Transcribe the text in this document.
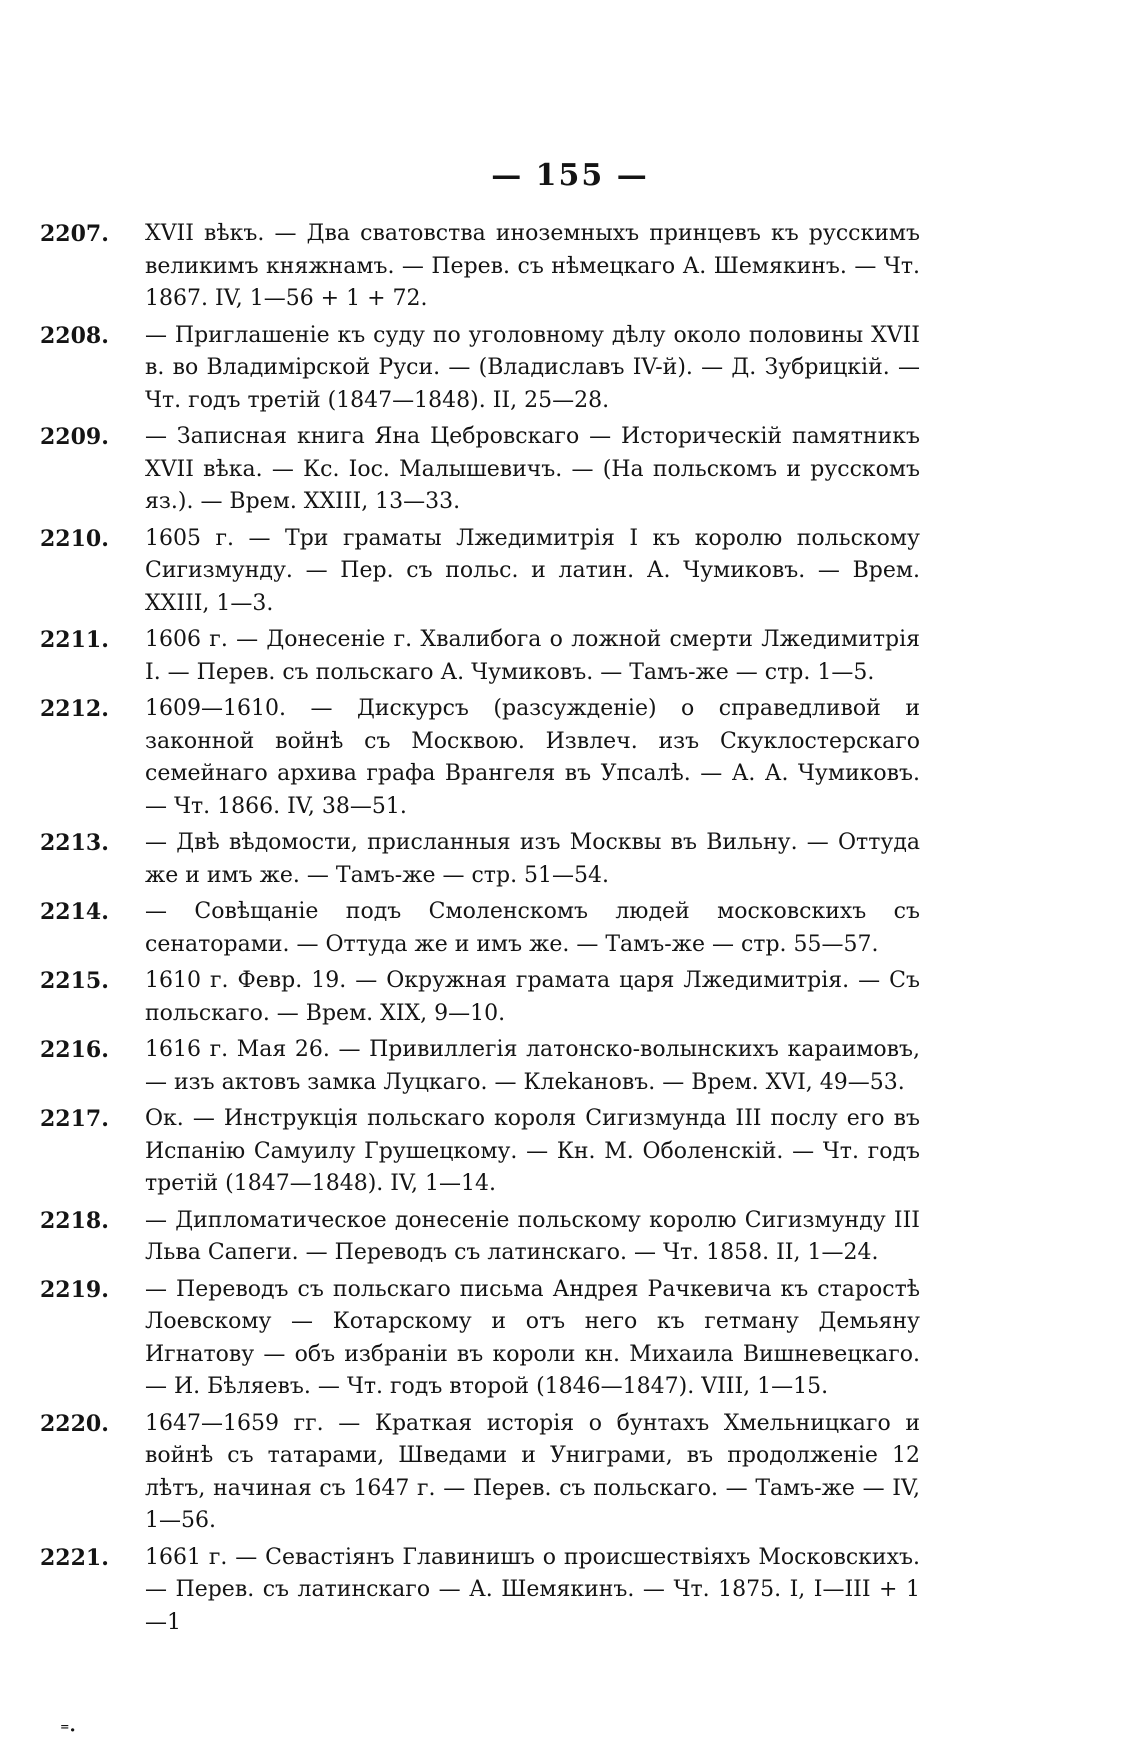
— 155 —
2207.	XVII вѣкъ. — Два сватовства иноземныхъ принцевъ къ русскимъ великимъ княжнамъ. — Перев. съ нѣмецкаго А. Шемякинъ. — Чт. 1867. IV, 1—56 + 1 + 72.
2208.	— Приглашеніе къ суду по уголовному дѣлу около половины XVII в. во Владимірской Руси. — (Владиславъ IV-й). — Д. Зубрицкій. — Чт. годъ третій (1847—1848). II, 25—28.
2209.	— Записная книга Яна Цебровскаго — Историческій памятникъ XVII вѣка. — Кс. Іос. Малышевичъ. — (На польскомъ и русскомъ яз.). — Врем. XXIII, 13—33.
2210.	1605 г. — Три граматы Лжедимитрія I къ королю польскому Сигизмунду. — Пер. съ польс. и латин. А. Чумиковъ. — Врем. XXIII, 1—3.
2211.	1606 г. — Донесеніе г. Хвалибога о ложной смерти Лжедимитрія I. — Перев. съ польскаго А. Чумиковъ. — Тамъ-же — стр. 1—5.
2212.	1609—1610. — Дискурсъ (разсужденіе) о справедливой и законной войнѣ съ Москвою. Извлеч. изъ Скуклостерскаго семейнаго архива графа Врангеля въ Упсалѣ. — А. А. Чумиковъ. — Чт. 1866. IV, 38—51.
2213.	— Двѣ вѣдомости, присланныя изъ Москвы въ Вильну. — Оттуда же и имъ же. — Тамъ-же — стр. 51—54.
2214.	— Совѣщаніе подъ Смоленскомъ людей московскихъ съ сенаторами. — Оттуда же и имъ же. — Тамъ-же — стр. 55—57.
2215.	1610 г. Февр. 19. — Окружная грамата царя Лжедимитрія. — Съ польскаго. — Врем. XIX, 9—10.
2216.	1616 г. Мая 26. — Привиллегія латонско-волынскихъ караимовъ, — изъ актовъ замка Луцкаго. — Клеkановъ. — Врем. XVI, 49—53.
2217.	Ок. — Инструкція польскаго короля Сигизмунда III послу его въ Испанію Самуилу Грушецкому. — Кн. М. Оболенскій. — Чт. годъ третій (1847—1848). IV, 1—14.
2218.	— Дипломатическое донесеніе польскому королю Сигизмунду III Льва Сапеги. — Переводъ съ латинскаго. — Чт. 1858. II, 1—24.
2219.	— Переводъ съ польскаго письма Андрея Рачкевича къ старостѣ Лоевскому — Котарскому и отъ него къ гетману Демьяну Игнатову — объ избраніи въ короли кн. Михаила Вишневецкаго. — И. Бѣляевъ. — Чт. годъ второй (1846—1847). VIII, 1—15.
2220.	1647—1659 гг. — Краткая исторія о бунтахъ Хмельницкаго и войнѣ съ татарами, Шведами и Униграми, въ продолженіе 12 лѣтъ, начиная съ 1647 г. — Перев. съ польскаго. — Тамъ-же — IV, 1—56.
2221.	1661 г. — Севастіянъ Главинишъ о происшествіяхъ Московскихъ. — Перев. съ латинскаго — А. Шемякинъ. — Чт. 1875. I, I—III + 1—1
⁼·
